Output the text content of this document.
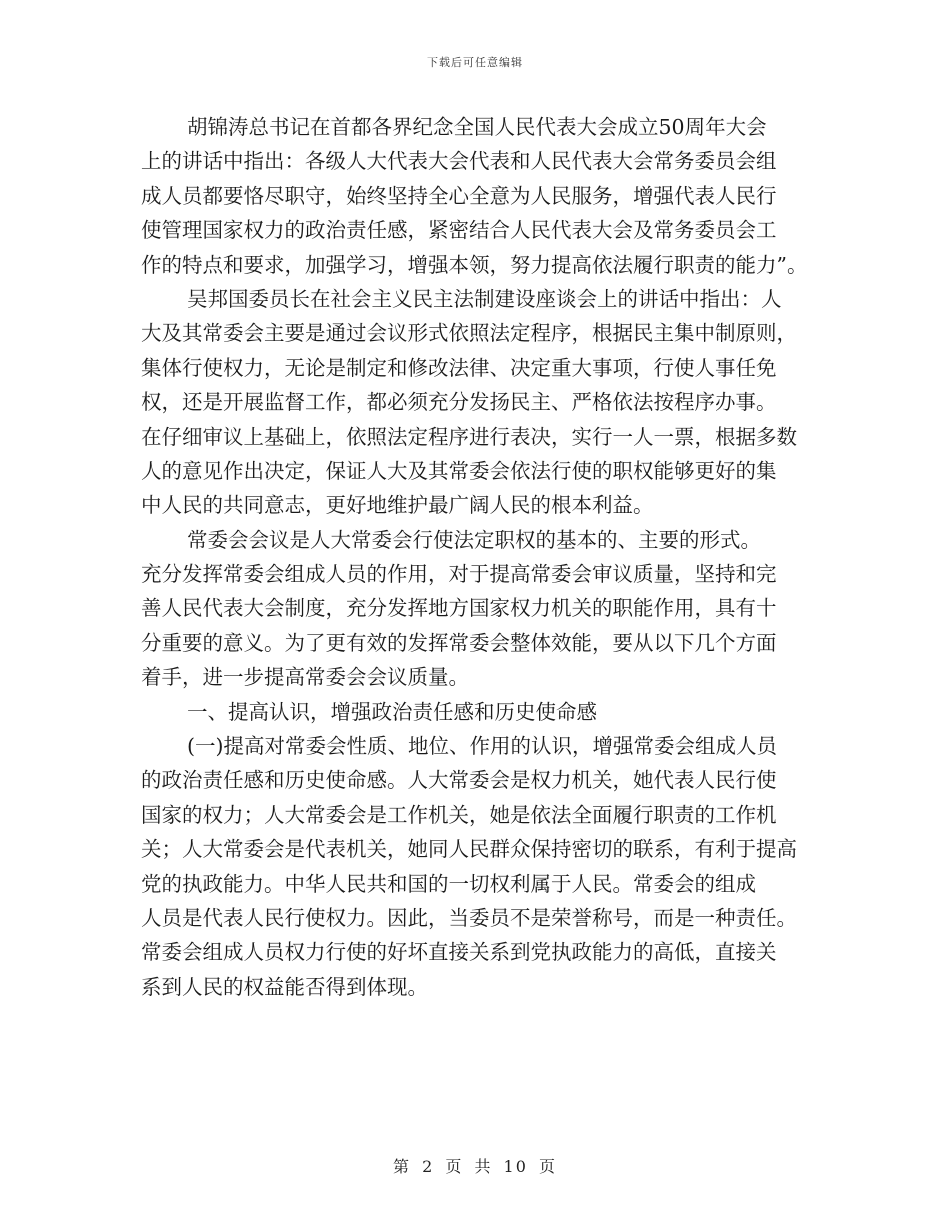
下载后可任意编辑
胡锦涛总书记在首都各界纪念全国人民代表大会成立50周年大会
上的讲话中指出：各级人大代表大会代表和人民代表大会常务委员会组
成人员都要恪尽职守，始终坚持全心全意为人民服务，增强代表人民行
使管理国家权力的政治责任感，紧密结合人民代表大会及常务委员会工
作的特点和要求，加强学习，增强本领，努力提高依法履行职责的能力”。
吴邦国委员长在社会主义民主法制建设座谈会上的讲话中指出：人
大及其常委会主要是通过会议形式依照法定程序，根据民主集中制原则，
集体行使权力，无论是制定和修改法律、决定重大事项，行使人事任免
权，还是开展监督工作，都必须充分发扬民主、严格依法按程序办事。
在仔细审议上基础上，依照法定程序进行表决，实行一人一票，根据多数
人的意见作出决定，保证人大及其常委会依法行使的职权能够更好的集
中人民的共同意志，更好地维护最广阔人民的根本利益。
常委会会议是人大常委会行使法定职权的基本的、主要的形式。
充分发挥常委会组成人员的作用，对于提高常委会审议质量，坚持和完
善人民代表大会制度，充分发挥地方国家权力机关的职能作用，具有十
分重要的意义。为了更有效的发挥常委会整体效能，要从以下几个方面
着手，进一步提高常委会会议质量。
一、提高认识，增强政治责任感和历史使命感
(一)提高对常委会性质、地位、作用的认识，增强常委会组成人员
的政治责任感和历史使命感。人大常委会是权力机关，她代表人民行使
国家的权力；人大常委会是工作机关，她是依法全面履行职责的工作机
关；人大常委会是代表机关，她同人民群众保持密切的联系，有利于提高
党的执政能力。中华人民共和国的一切权利属于人民。常委会的组成
人员是代表人民行使权力。因此，当委员不是荣誉称号，而是一种责任。
常委会组成人员权力行使的好坏直接关系到党执政能力的高低，直接关
系到人民的权益能否得到体现。
第 2 页 共 10 页
